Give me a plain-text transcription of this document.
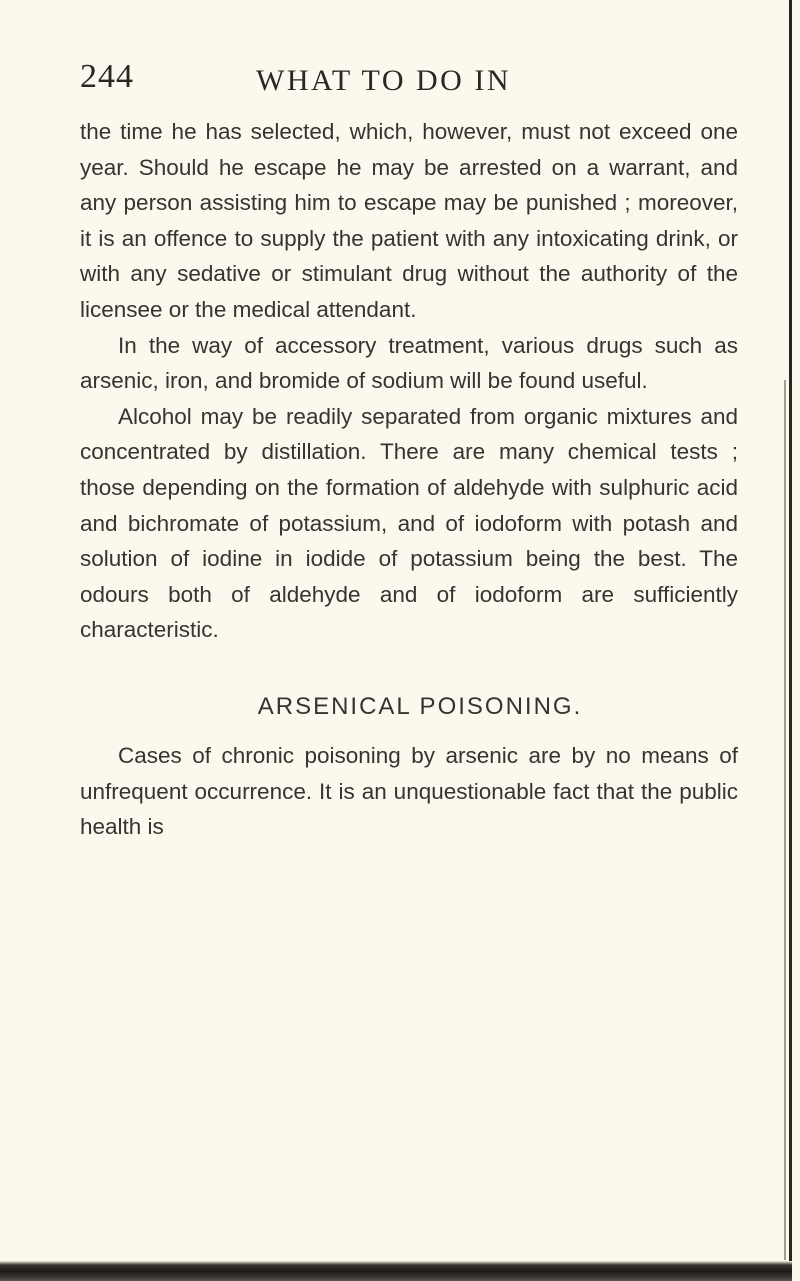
244	WHAT TO DO IN

the time he has selected, which, however, must not exceed one year. Should he escape he may be arrested on a warrant, and any person assisting him to escape may be punished ; moreover, it is an offence to supply the patient with any intoxicating drink, or with any sedative or stimulant drug without the authority of the licensee or the medical attendant.

In the way of accessory treatment, various drugs such as arsenic, iron, and bromide of sodium will be found useful.

Alcohol may be readily separated from organic mixtures and concentrated by distillation. There are many chemical tests ; those depending on the formation of aldehyde with sulphuric acid and bichromate of potassium, and of iodoform with potash and solution of iodine in iodide of potassium being the best. The odours both of aldehyde and of iodoform are sufficiently characteristic.

ARSENICAL POISONING.

Cases of chronic poisoning by arsenic are by no means of unfrequent occurrence. It is an unquestionable fact that the public health is
